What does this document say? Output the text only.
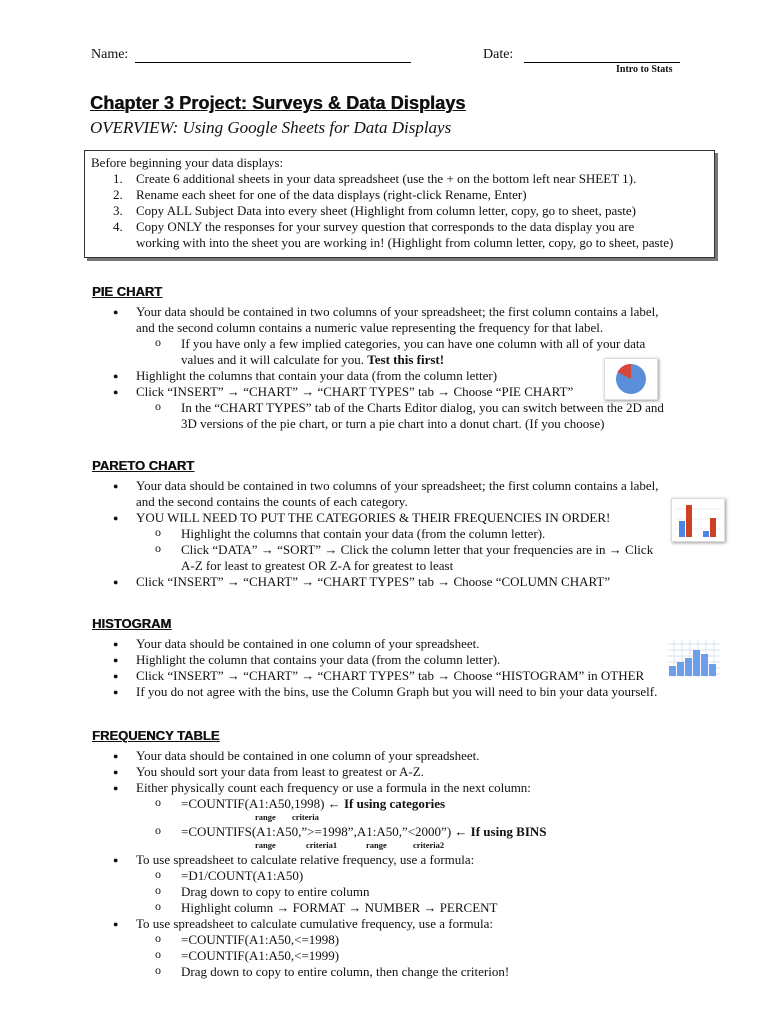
Name:	Date:
Intro to Stats
Chapter 3 Project: Surveys & Data Displays
OVERVIEW: Using Google Sheets for Data Displays
Before beginning your data displays:
1. Create 6 additional sheets in your data spreadsheet (use the + on the bottom left near SHEET 1).
2. Rename each sheet for one of the data displays (right-click Rename, Enter)
3. Copy ALL Subject Data into every sheet (Highlight from column letter, copy, go to sheet, paste)
4. Copy ONLY the responses for your survey question that corresponds to the data display you are
working with into the sheet you are working in! (Highlight from column letter, copy, go to sheet, paste)
PIE CHART
● Your data should be contained in two columns of your spreadsheet; the first column contains a label,
and the second column contains a numeric value representing the frequency for that label.
o If you have only a few implied categories, you can have one column with all of your data
values and it will calculate for you. Test this first!
● Highlight the columns that contain your data (from the column letter)
● Click “INSERT” → “CHART” → “CHART TYPES” tab → Choose “PIE CHART”
o In the “CHART TYPES” tab of the Charts Editor dialog, you can switch between the 2D and
3D versions of the pie chart, or turn a pie chart into a donut chart. (If you choose)
PARETO CHART
● Your data should be contained in two columns of your spreadsheet; the first column contains a label,
and the second contains the counts of each category.
● YOU WILL NEED TO PUT THE CATEGORIES & THEIR FREQUENCIES IN ORDER!
o Highlight the columns that contain your data (from the column letter).
o Click “DATA” → “SORT” → Click the column letter that your frequencies are in → Click
A-Z for least to greatest OR Z-A for greatest to least
● Click “INSERT” → “CHART” → “CHART TYPES” tab → Choose “COLUMN CHART”
HISTOGRAM
● Your data should be contained in one column of your spreadsheet.
● Highlight the column that contains your data (from the column letter).
● Click “INSERT” → “CHART” → “CHART TYPES” tab → Choose “HISTOGRAM” in OTHER
● If you do not agree with the bins, use the Column Graph but you will need to bin your data yourself.
FREQUENCY TABLE
● Your data should be contained in one column of your spreadsheet.
● You should sort your data from least to greatest or A-Z.
● Either physically count each frequency or use a formula in the next column:
o =COUNTIF(A1:A50,1998) ← If using categories
range criteria
o =COUNTIFS(A1:A50,”>=1998”,A1:A50,”<2000”) ← If using BINS
range	criteria1	range	criteria2
● To use spreadsheet to calculate relative frequency, use a formula:
o =D1/COUNT(A1:A50)
o Drag down to copy to entire column
o Highlight column → FORMAT → NUMBER → PERCENT
● To use spreadsheet to calculate cumulative frequency, use a formula:
o =COUNTIF(A1:A50,<=1998)
o =COUNTIF(A1:A50,<=1999)
o Drag down to copy to entire column, then change the criterion!
